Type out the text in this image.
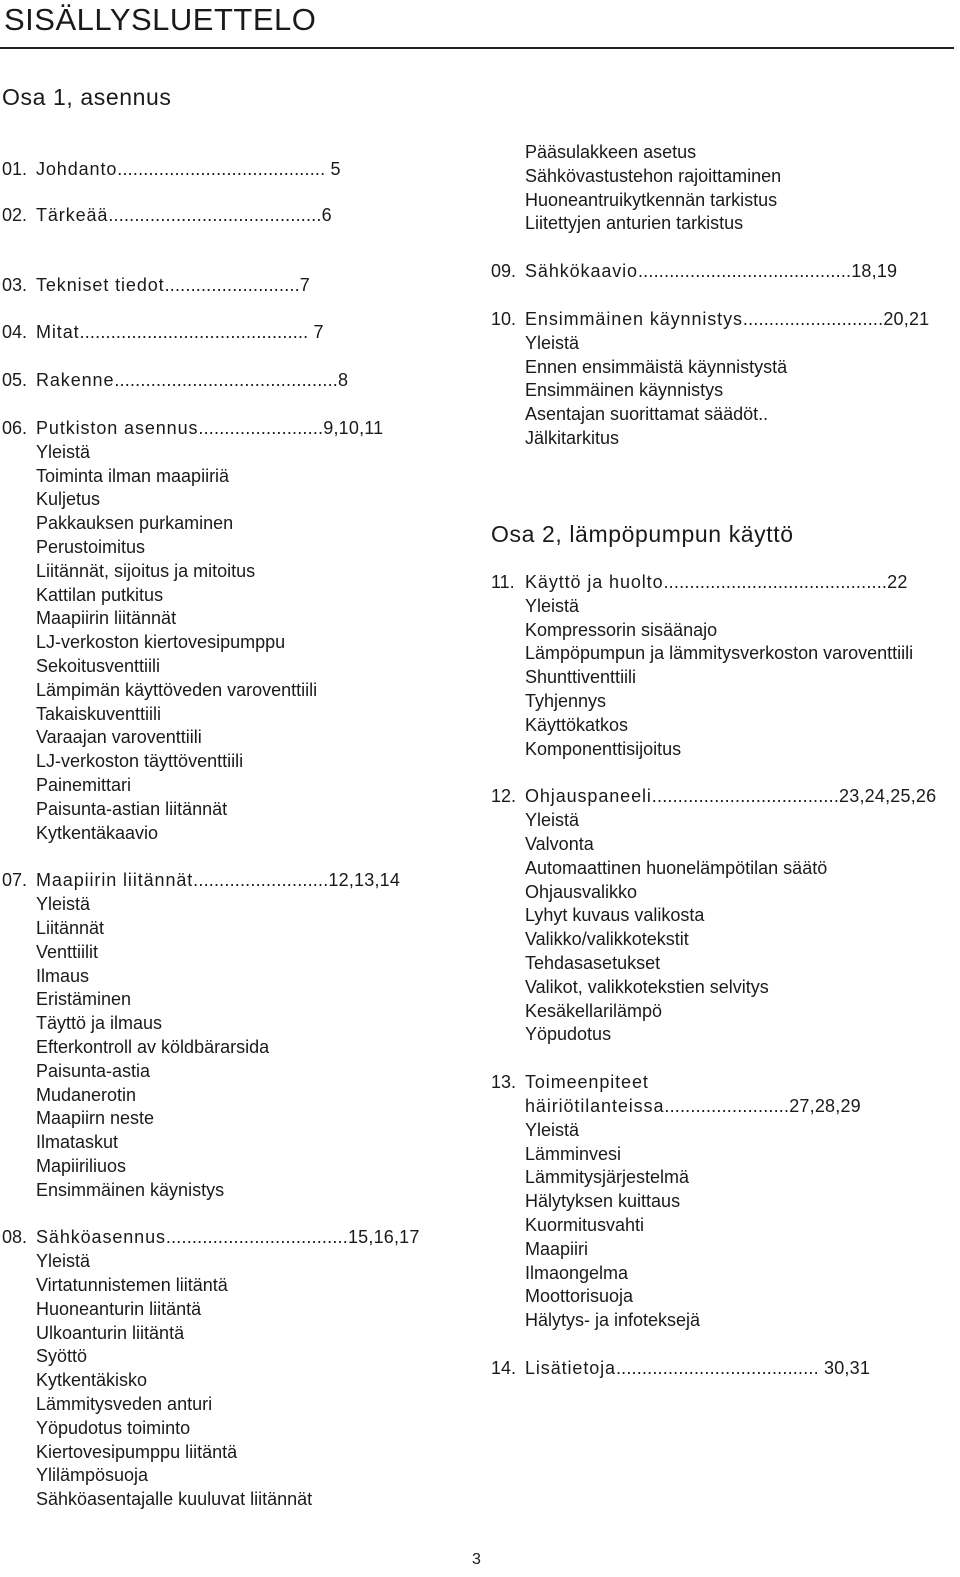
SISÄLLYSLUETTELO
Osa 1, asennus
01. Johdanto ........................................ 5
02. Tärkeää .........................................6
03. Tekniset tiedot ..........................7
04. Mitat ............................................ 7
05. Rakenne ...........................................8
06. Putkiston asennus ........................9,10,11
Yleistä
Toiminta ilman maapiiriä
Kuljetus
Pakkauksen purkaminen
Perustoimitus
Liitännät, sijoitus ja mitoitus
Kattilan putkitus
Maapiirin liitännät
LJ-verkoston kiertovesipumppu
Sekoitusventtiili
Lämpimän käyttöveden varoventtiili
Takaiskuventtiili
Varaajan varoventtiili
LJ-verkoston täyttöventtiili
Painemittari
Paisunta-astian liitännät
Kytkentäkaavio
07. Maapiirin liitännät ..........................12,13,14
Yleistä
Liitännät
Venttiilit
Ilmaus
Eristäminen
Täyttö ja ilmaus
Efterkontroll av köldbärarsida
Paisunta-astia
Mudanerotin
Maapiirn neste
Ilmataskut
Mapiiriliuos
Ensimmäinen käynistys
08. Sähköasennus ...................................15,16,17
Yleistä
Virtatunnistemen liitäntä
Huoneanturin liitäntä
Ulkoanturin liitäntä
Syöttö
Kytkentäkisko
Lämmitysveden anturi
Yöpudotus toiminto
Kiertovesipumppu liitäntä
Ylilämpösuoja
Sähköasentajalle kuuluvat liitännät
Pääsulakkeen asetus
Sähkövastustehon rajoittaminen
Huoneantruikytkennän tarkistus
Liitettyjen anturien tarkistus
09. Sähkökaavio .........................................18,19
10. Ensimmäinen käynnistys ...........................20,21
Yleistä
Ennen ensimmäistä käynnistystä
Ensimmäinen käynnistys
Asentajan suorittamat säädöt..
Jälkitarkitus
Osa 2, lämpöpumpun käyttö
11. Käyttö ja huolto ...........................................22
Yleistä
Kompressorin sisäänajo
Lämpöpumpun ja lämmitysverkoston varoventtiili
Shunttiventtiili
Tyhjennys
Käyttökatkos
Komponenttisijoitus
12. Ohjauspaneeli ....................................23,24,25,26
Yleistä
Valvonta
Automaattinen huonelämpötilan säätö
Ohjausvalikko
Lyhyt kuvaus valikosta
Valikko/valikkotekstit
Tehdasasetukset
Valikot, valikkotekstien selvitys
Kesäkellarilämpö
Yöpudotus
13. Toimeenpiteet
häiriötilanteissa ........................27,28,29
Yleistä
Lämminvesi
Lämmitysjärjestelmä
Hälytyksen kuittaus
Kuormitusvahti
Maapiiri
Ilmaongelma
Moottorisuoja
Hälytys- ja infoteksejä
14. Lisätietoja ....................................... 30,31
3
